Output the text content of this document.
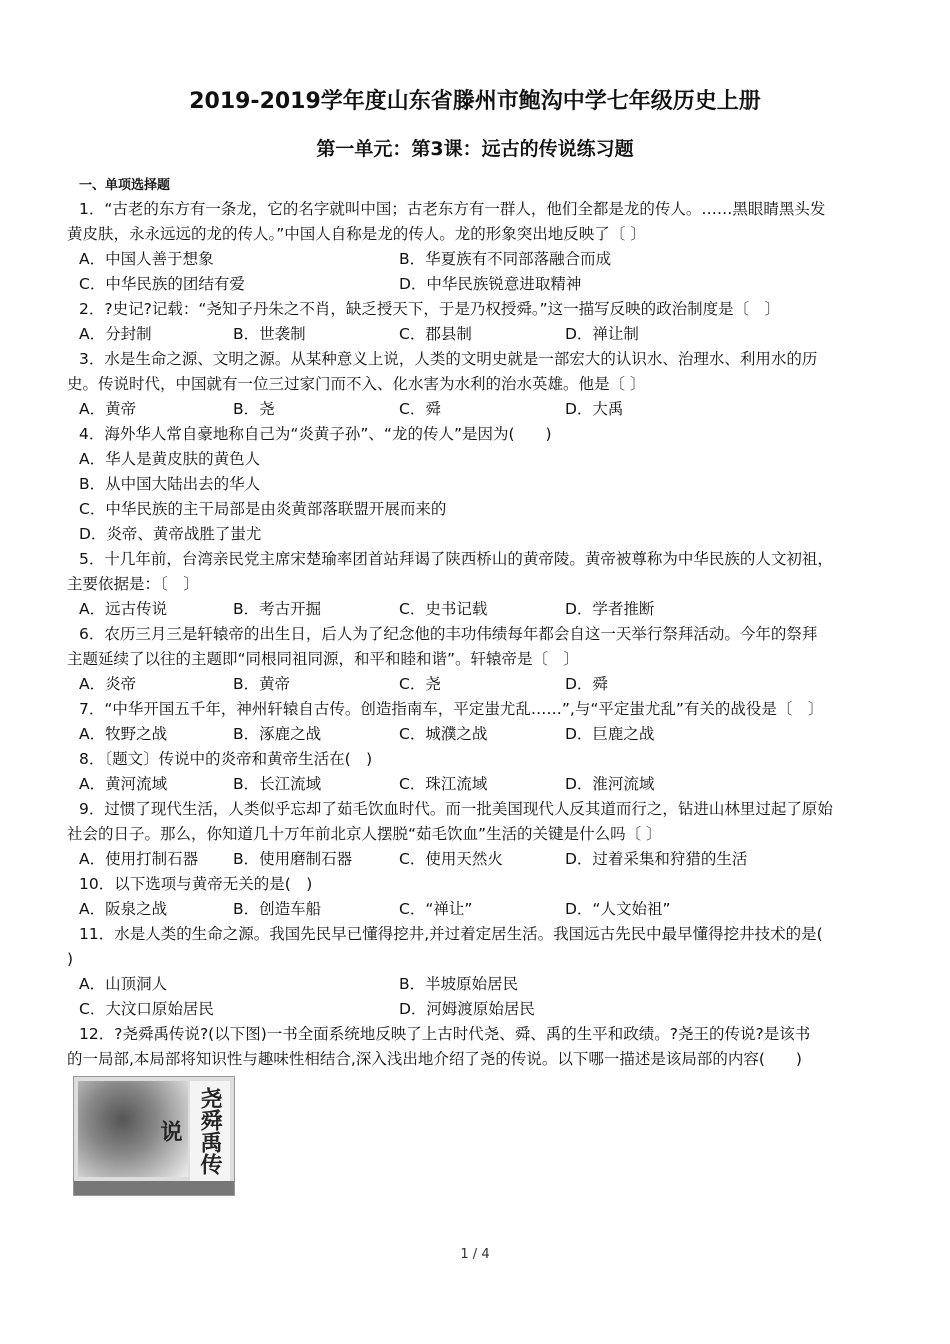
2019-2019学年度山东省滕州市鲍沟中学七年级历史上册
第一单元：第3课：远古的传说练习题
一、单项选择题
1．“古老的东方有一条龙，它的名字就叫中国；古老东方有一群人，他们全都是龙的传人。……黑眼睛黑头发
黄皮肤，永永远远的龙的传人。”中国人自称是龙的传人。龙的形象突出地反映了〔 〕
A．中国人善于想象	B．华夏族有不同部落融合而成
C．中华民族的团结有爱	D．中华民族锐意进取精神
2．?史记?记载：“尧知子丹朱之不肖，缺乏授天下，于是乃权授舜。”这一描写反映的政治制度是〔　〕
A．分封制	B．世袭制	C．郡县制	D．禅让制
3．水是生命之源、文明之源。从某种意义上说，人类的文明史就是一部宏大的认识水、治理水、利用水的历
史。传说时代，中国就有一位三过家门而不入、化水害为水利的治水英雄。他是〔 〕
A．黄帝	B．尧	C．舜	D．大禹
4．海外华人常自豪地称自己为“炎黄子孙”、“龙的传人”是因为(　　)
A．华人是黄皮肤的黄色人
B．从中国大陆出去的华人
C．中华民族的主干局部是由炎黄部落联盟开展而来的
D．炎帝、黄帝战胜了蚩尤
5．十几年前，台湾亲民党主席宋楚瑜率团首站拜谒了陕西桥山的黄帝陵。黄帝被尊称为中华民族的人文初祖，
主要依据是：〔　〕
A．远古传说	B．考古开掘	C．史书记载	D．学者推断
6．农历三月三是轩辕帝的出生日，后人为了纪念他的丰功伟绩每年都会自这一天举行祭拜活动。今年的祭拜
主题延续了以往的主题即“同根同祖同源，和平和睦和谐”。轩辕帝是〔　〕
A．炎帝	B．黄帝	C．尧	D．舜
7．“中华开国五千年，神州轩辕自古传。创造指南车，平定蚩尤乱……”,与“平定蚩尤乱”有关的战役是〔　〕
A．牧野之战	B．涿鹿之战	C．城濮之战	D．巨鹿之战
8．〔题文〕传说中的炎帝和黄帝生活在(　)
A．黄河流域	B．长江流域	C．珠江流域	D．淮河流域
9．过惯了现代生活，人类似乎忘却了茹毛饮血时代。而一批美国现代人反其道而行之，钻进山林里过起了原始
社会的日子。那么，你知道几十万年前北京人摆脱“茹毛饮血”生活的关键是什么吗〔 〕
A．使用打制石器 B．使用磨制石器	C．使用天然火	D．过着采集和狩猎的生活
10．以下选项与黄帝无关的是(　)
A．阪泉之战	B．创造车船	C．“禅让”	D．“人文始祖”
11．水是人类的生命之源。我国先民早已懂得挖井,并过着定居生活。我国远古先民中最早懂得挖井技术的是(
)
A．山顶洞人	B．半坡原始居民
C．大汶口原始居民	D．河姆渡原始居民
12．?尧舜禹传说?(以下图)一书全面系统地反映了上古时代尧、舜、禹的生平和政绩。?尧王的传说?是该书
的一局部,本局部将知识性与趣味性相结合,深入浅出地介绍了尧的传说。以下哪一描述是该局部的内容(　　)
尧舜禹传说
1 / 4
